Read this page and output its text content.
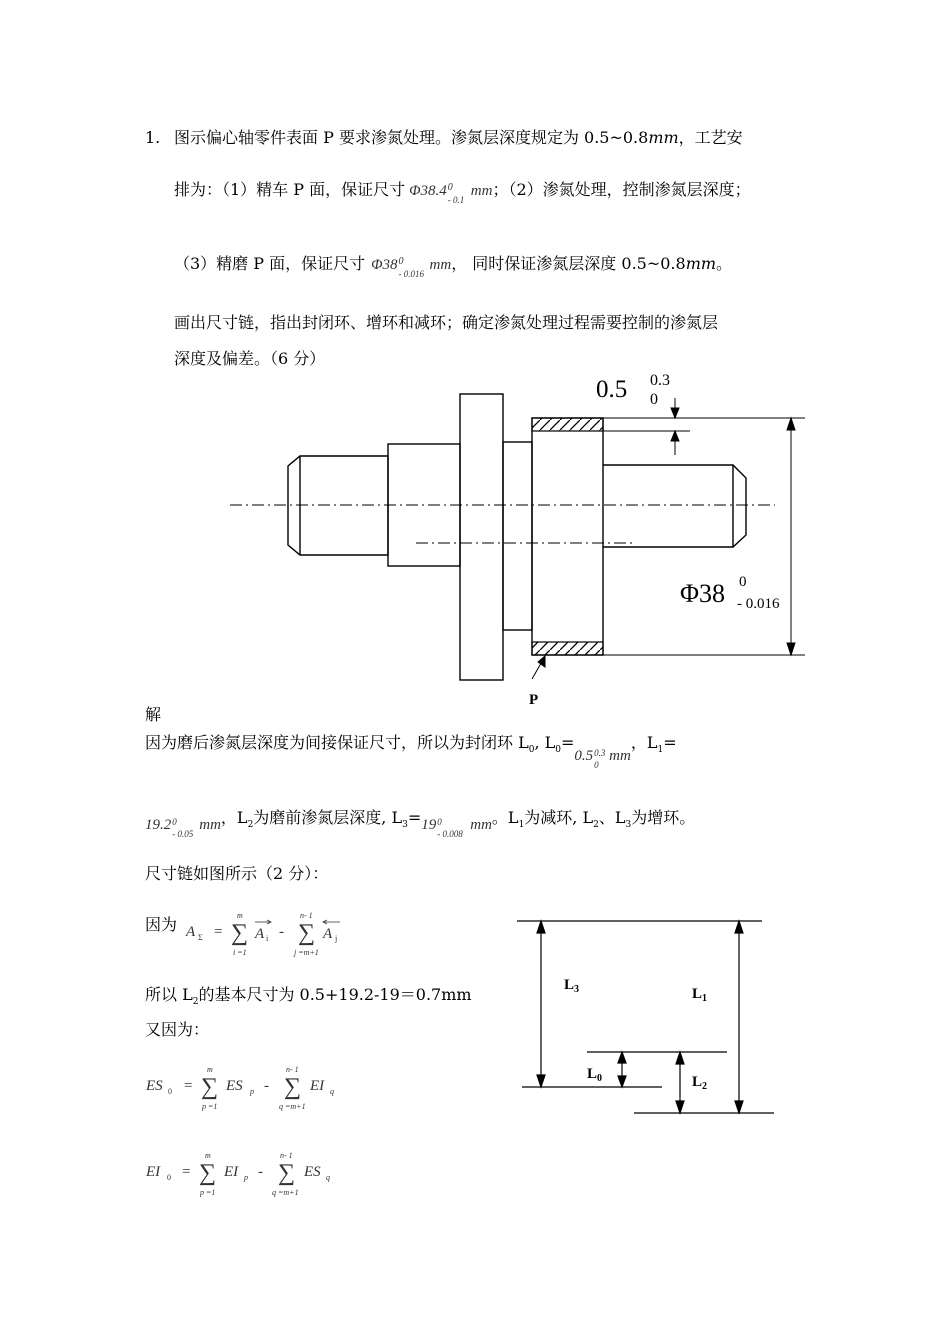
1. 图示偏心轴零件表面 P 要求渗氮处理。渗氮层深度规定为 0.5~0.8mm，工艺安
排为：（1）精车 P 面，保证尺寸 Φ38.4 0
- 0.1
mm；（2）渗氮处理，控制渗氮层深度；
（3）精磨 P 面，保证尺寸 Φ38 0
- 0.016
mm， 同时保证渗氮层深度 0.5~0.8mm。
画出尺寸链，指出封闭环、增环和减环；确定渗氮处理过程需要控制的渗氮层
深度及偏差。（6 分）
0.5 0.3
0
Φ38 0
- 0.016
P
解
因为磨后渗氮层深度为间接保证尺寸，所以为封闭环 $L_0$, $L_0=0.5$ 0.3
0
mm，$L_1=$
19.2 0
- 0.05
mm，$L_2$为磨前渗氮层深度, $L_3=19$ 0
- 0.008
mm。$L_1$为减环, $L_2$、$L_3$为增环。
尺寸链如图所示（2 分）：
因为 A Σ = ∑
m
i =1
A i - ∑
n- 1
j =m+1
A j
所以 $L_2$的基本尺寸为 0.5+19.2-19＝0.7mm
又因为：
ES 0 = ∑
m
p =1
ES p - ∑
n- 1
q =m+1
EI q
EI 0 = ∑
m
p =1
EI p - ∑
n- 1
q =m+1
ES q
$L_3$	$L_1$
$L_0$	$L_2$
